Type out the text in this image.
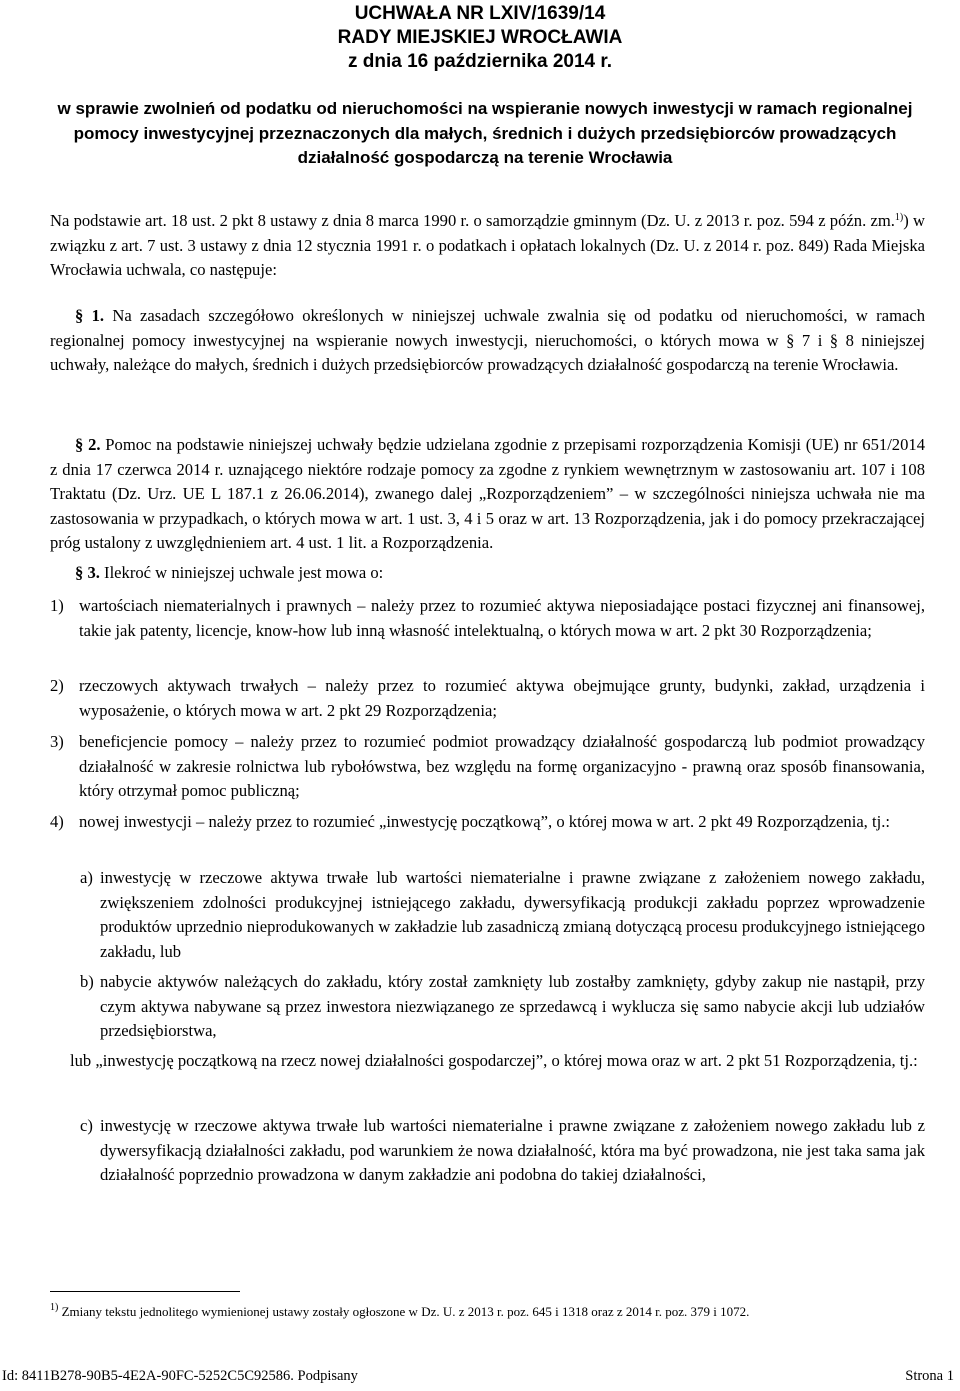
UCHWAŁA NR LXIV/1639/14
RADY MIEJSKIEJ WROCŁAWIA
z dnia 16 października 2014 r.
w sprawie zwolnień od podatku od nieruchomości na wspieranie nowych inwestycji w ramach regionalnej pomocy inwestycyjnej przeznaczonych dla małych, średnich i dużych przedsiębiorców prowadzących działalność gospodarczą na terenie Wrocławia
Na podstawie art. 18 ust. 2 pkt 8 ustawy z dnia 8 marca 1990 r. o samorządzie gminnym (Dz. U. z 2013 r. poz. 594 z późn. zm.$^{1)}$) w związku z art. 7 ust. 3 ustawy z dnia 12 stycznia 1991 r. o podatkach i opłatach lokalnych (Dz. U. z 2014 r. poz. 849) Rada Miejska Wrocławia uchwala, co następuje:
§ 1. Na zasadach szczegółowo określonych w niniejszej uchwale zwalnia się od podatku od nieruchomości, w ramach regionalnej pomocy inwestycyjnej na wspieranie nowych inwestycji, nieruchomości, o których mowa w § 7 i § 8 niniejszej uchwały, należące do małych, średnich i dużych przedsiębiorców prowadzących działalność gospodarczą na terenie Wrocławia.
§ 2. Pomoc na podstawie niniejszej uchwały będzie udzielana zgodnie z przepisami rozporządzenia Komisji (UE) nr 651/2014 z dnia 17 czerwca 2014 r. uznającego niektóre rodzaje pomocy za zgodne z rynkiem wewnętrznym w zastosowaniu art. 107 i 108 Traktatu (Dz. Urz. UE L 187.1 z 26.06.2014), zwanego dalej „Rozporządzeniem” – w szczególności niniejsza uchwała nie ma zastosowania w przypadkach, o których mowa w art. 1 ust. 3, 4 i 5 oraz w art. 13 Rozporządzenia, jak i do pomocy przekraczającej próg ustalony z uwzględnieniem art. 4 ust. 1 lit. a Rozporządzenia.
§ 3. Ilekroć w niniejszej uchwale jest mowa o:
1) wartościach niematerialnych i prawnych – należy przez to rozumieć aktywa nieposiadające postaci fizycznej ani finansowej, takie jak patenty, licencje, know-how lub inną własność intelektualną, o których mowa w art. 2 pkt 30 Rozporządzenia;
2) rzeczowych aktywach trwałych – należy przez to rozumieć aktywa obejmujące grunty, budynki, zakład, urządzenia i wyposażenie, o których mowa w art. 2 pkt 29 Rozporządzenia;
3) beneficjencie pomocy – należy przez to rozumieć podmiot prowadzący działalność gospodarczą lub podmiot prowadzący działalność w zakresie rolnictwa lub rybołówstwa, bez względu na formę organizacyjno - prawną oraz sposób finansowania, który otrzymał pomoc publiczną;
4) nowej inwestycji – należy przez to rozumieć „inwestycję początkową”, o której mowa w art. 2 pkt 49 Rozporządzenia, tj.:
a) inwestycję w rzeczowe aktywa trwałe lub wartości niematerialne i prawne związane z założeniem nowego zakładu, zwiększeniem zdolności produkcyjnej istniejącego zakładu, dywersyfikacją produkcji zakładu poprzez wprowadzenie produktów uprzednio nieprodukowanych w zakładzie lub zasadniczą zmianą dotyczącą procesu produkcyjnego istniejącego zakładu, lub
b) nabycie aktywów należących do zakładu, który został zamknięty lub zostałby zamknięty, gdyby zakup nie nastąpił, przy czym aktywa nabywane są przez inwestora niezwiązanego ze sprzedawcą i wyklucza się samo nabycie akcji lub udziałów przedsiębiorstwa,
lub „inwestycję początkową na rzecz nowej działalności gospodarczej”, o której mowa oraz w art. 2 pkt 51 Rozporządzenia, tj.:
c) inwestycję w rzeczowe aktywa trwałe lub wartości niematerialne i prawne związane z założeniem nowego zakładu lub z dywersyfikacją działalności zakładu, pod warunkiem że nowa działalność, która ma być prowadzona, nie jest taka sama jak działalność poprzednio prowadzona w danym zakładzie ani podobna do takiej działalności,
$^{1)}$ Zmiany tekstu jednolitego wymienionej ustawy zostały ogłoszone w Dz. U. z 2013 r. poz. 645 i 1318 oraz z 2014 r. poz. 379 i 1072.
Id: 8411B278-90B5-4E2A-90FC-5252C5C92586. Podpisany	Strona 1
